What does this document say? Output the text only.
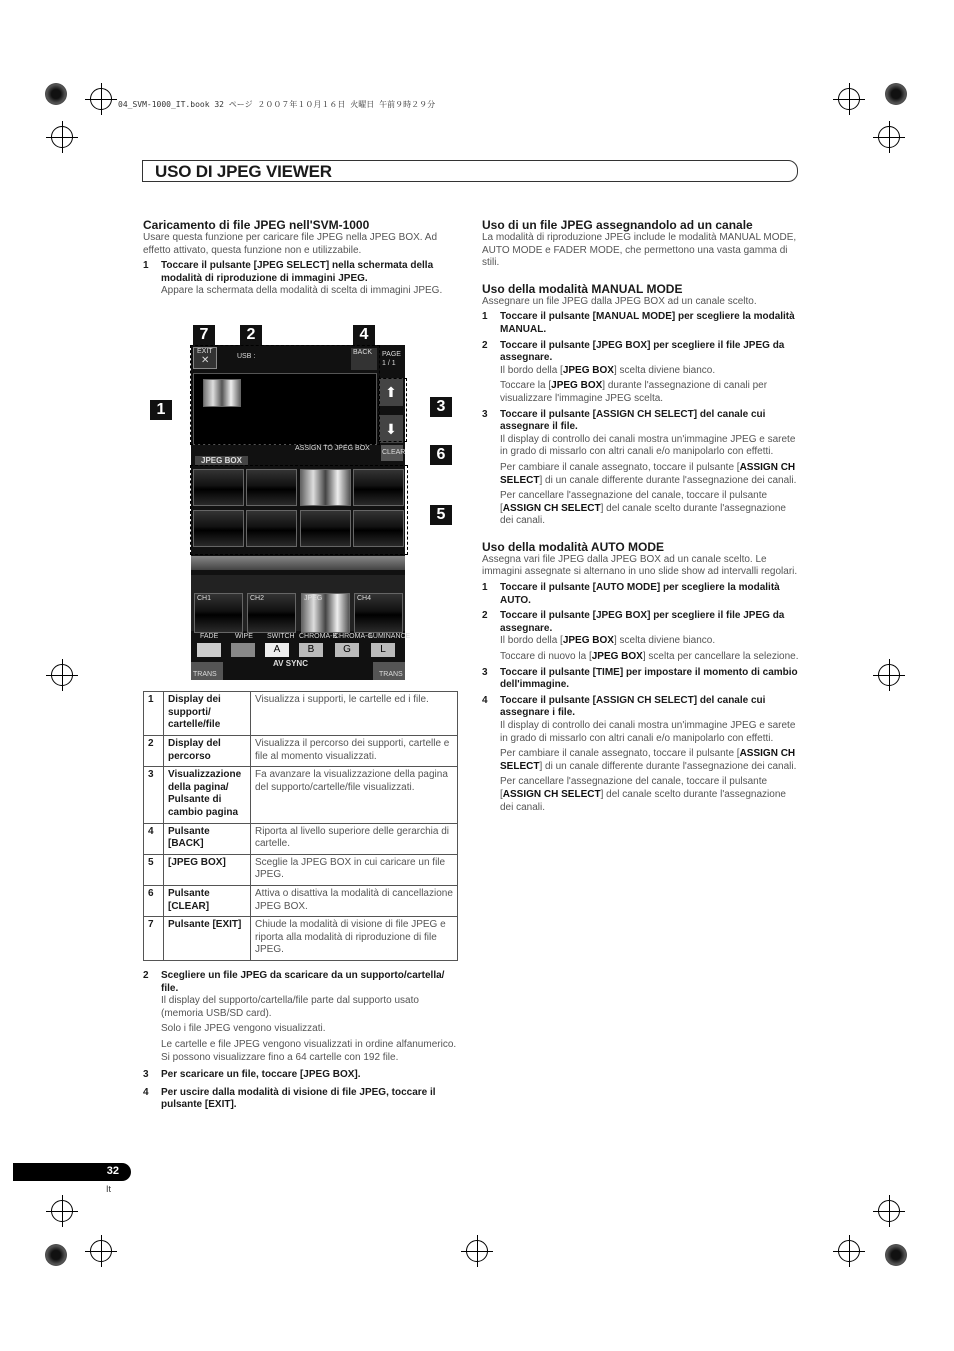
04_SVM-1000_IT.book 32 ページ ２００７年１０月１６日 火曜日 午前９時２９分
USO DI JPEG VIEWER
Caricamento di file JPEG nell'SVM-1000
Usare questa funzione per caricare file JPEG nella JPEG BOX. Ad effetto attivato, questa funzione non e utilizzabile.
1	Toccare il pulsante [JPEG SELECT] nella schermata della modalità di riproduzione di immagini JPEG.
Appare la schermata della modalità di scelta di immagini JPEG.
7	2	4
1	3
6
5
EXIT
✕	USB :
BACK PAGE
1 / 1
⬆
⬇
ASSIGN TO JPEG BOX
CLEAR
JPEG BOX
CH1	CH2	JPEG	CH4
FADE WIPE SWITCH CHROMA-B
CHROMA-G
LUMINANCE
A	B	G	L
TRANS
AV SYNC
TRANS
1	Display dei supporti/ cartelle/file	Visualizza i supporti, le cartelle ed i file.
2	Display del percorso	Visualizza il percorso dei supporti, cartelle e file al momento visualizzati.
3	Visualizzazione della pagina/ Pulsante di cambio pagina	Fa avanzare la visualizzazione della pagina del supporto/cartelle/file visualizzati.
4	Pulsante [BACK]	Riporta al livello superiore delle gerarchia di cartelle.
5	[JPEG BOX]	Sceglie la JPEG BOX in cui caricare un file JPEG.
6	Pulsante [CLEAR]	Attiva o disattiva la modalità di cancellazione JPEG BOX.
7	Pulsante [EXIT]	Chiude la modalità di visione di file JPEG e riporta alla modalità di riproduzione di file JPEG.
2	Scegliere un file JPEG da scaricare da un supporto/cartella/ file.
Il display del supporto/cartella/file parte dal supporto usato (memoria USB/SD card).
Solo i file JPEG vengono visualizzati.
Le cartelle e file JPEG vengono visualizzati in ordine alfanumerico. Si possono visualizzare fino a 64 cartelle con 192 file.
3	Per scaricare un file, toccare [JPEG BOX].
4	Per uscire dalla modalità di visione di file JPEG, toccare il pulsante [EXIT].
Uso di un file JPEG assegnandolo ad un canale
La modalità di riproduzione JPEG include le modalità MANUAL MODE, AUTO MODE e FADER MODE, che permettono una vasta gamma di stili.
Uso della modalità MANUAL MODE
Assegnare un file JPEG dalla JPEG BOX ad un canale scelto.
1	Toccare il pulsante [MANUAL MODE] per scegliere la modalità MANUAL.
2	Toccare il pulsante [JPEG BOX] per scegliere il file JPEG da assegnare.
Il bordo della [JPEG BOX] scelta diviene bianco.
Toccare la [JPEG BOX] durante l'assegnazione di canali per visualizzare l'immagine JPEG scelta.
3	Toccare il pulsante [ASSIGN CH SELECT] del canale cui assegnare il file.
Il display di controllo dei canali mostra un'immagine JPEG e sarete in grado di missarlo con altri canali e/o manipolarlo con effetti.
Per cambiare il canale assegnato, toccare il pulsante [ASSIGN CH SELECT] di un canale differente durante l'assegnazione dei canali.
Per cancellare l'assegnazione del canale, toccare il pulsante [ASSIGN CH SELECT] del canale scelto durante l'assegnazione dei canali.
Uso della modalità AUTO MODE
Assegna vari file JPEG dalla JPEG BOX ad un canale scelto. Le immagini assegnate si alternano in uno slide show ad intervalli regolari.
1	Toccare il pulsante [AUTO MODE] per scegliere la modalità AUTO.
2	Toccare il pulsante [JPEG BOX] per scegliere il file JPEG da assegnare.
Il bordo della [JPEG BOX] scelta diviene bianco.
Toccare di nuovo la [JPEG BOX] scelta per cancellare la selezione.
3	Toccare il pulsante [TIME] per impostare il momento di cambio dell'immagine.
4	Toccare il pulsante [ASSIGN CH SELECT] del canale cui assegnare i file.
Il display di controllo dei canali mostra un'immagine JPEG e sarete in grado di missarlo con altri canali e/o manipolarlo con effetti.
Per cambiare il canale assegnato, toccare il pulsante [ASSIGN CH SELECT] di un canale differente durante l'assegnazione dei canali.
Per cancellare l'assegnazione del canale, toccare il pulsante [ASSIGN CH SELECT] del canale scelto durante l'assegnazione dei canali.
32
It
